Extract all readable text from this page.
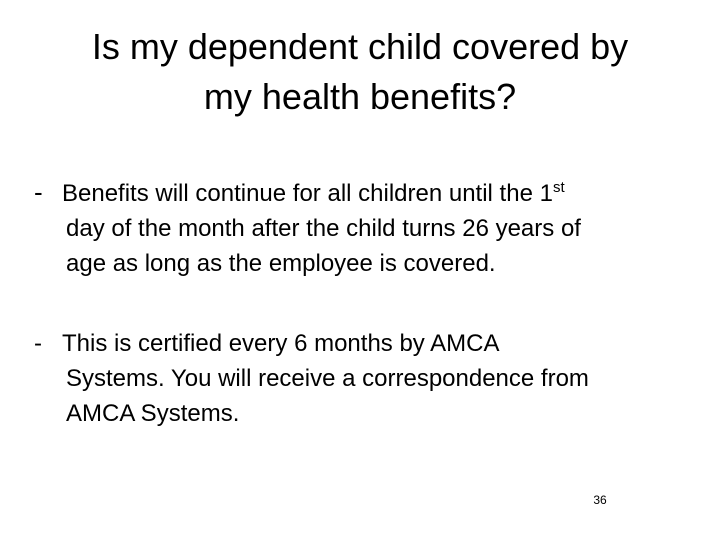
Is my dependent child covered by
my health benefits?
- Benefits will continue for all children until the 1st
day of the month after the child turns 26 years of
age as long as the employee is covered.
- This is certified every 6 months by AMCA
Systems. You will receive a correspondence from
AMCA Systems.
36
